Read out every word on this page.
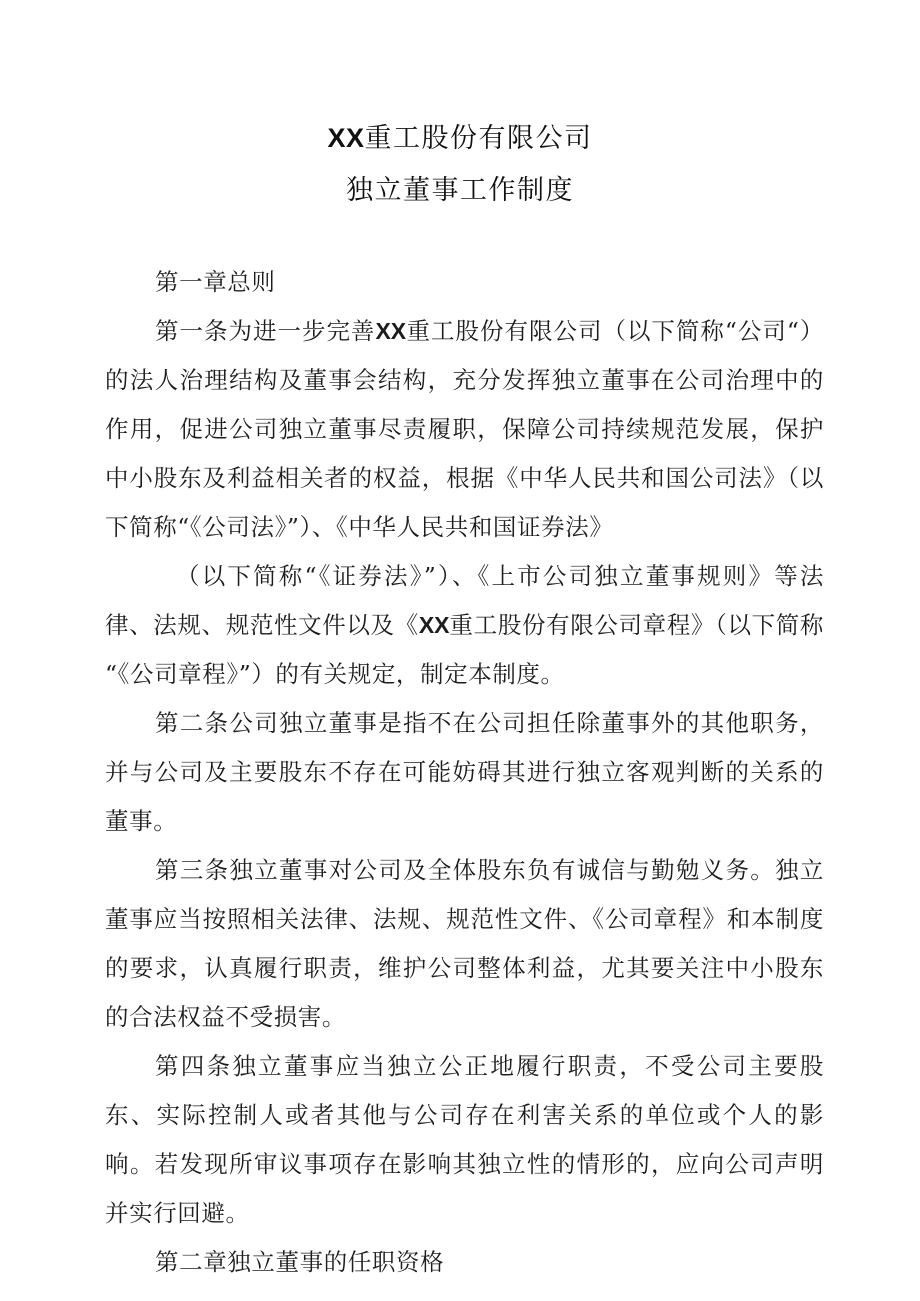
XX重工股份有限公司
独立董事工作制度

第一章总则

第一条为进一步完善XX重工股份有限公司（以下简称“公司“）的法人治理结构及董事会结构，充分发挥独立董事在公司治理中的作用，促进公司独立董事尽责履职，保障公司持续规范发展，保护中小股东及利益相关者的权益，根据《中华人民共和国公司法》（以下简称“《公司法》”）、《中华人民共和国证券法》

（以下简称“《证券法》”）、《上市公司独立董事规则》等法律、法规、规范性文件以及《XX重工股份有限公司章程》（以下简称“《公司章程》”）的有关规定，制定本制度。

第二条公司独立董事是指不在公司担任除董事外的其他职务，并与公司及主要股东不存在可能妨碍其进行独立客观判断的关系的董事。

第三条独立董事对公司及全体股东负有诚信与勤勉义务。独立董事应当按照相关法律、法规、规范性文件、《公司章程》和本制度的要求，认真履行职责，维护公司整体利益，尤其要关注中小股东的合法权益不受损害。

第四条独立董事应当独立公正地履行职责，不受公司主要股东、实际控制人或者其他与公司存在利害关系的单位或个人的影响。若发现所审议事项存在影响其独立性的情形的，应向公司声明并实行回避。

第二章独立董事的任职资格
